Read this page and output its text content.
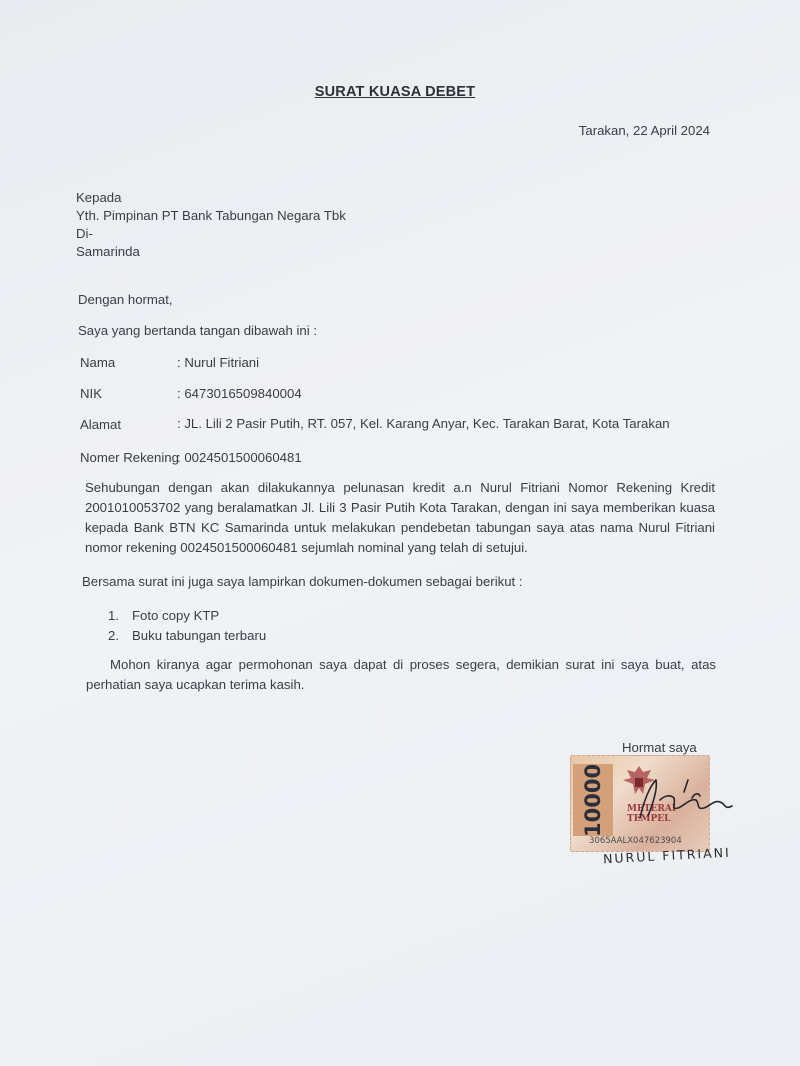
SURAT KUASA DEBET
Tarakan, 22 April 2024
Kepada
Yth. Pimpinan PT Bank Tabungan Negara Tbk
Di-
Samarinda
Dengan hormat,
Saya yang bertanda tangan dibawah ini :
Nama	: Nurul Fitriani
NIK	: 6473016509840004
Alamat	: JL. Lili 2 Pasir Putih, RT. 057, Kel. Karang Anyar, Kec. Tarakan Barat, Kota Tarakan
Nomer Rekening
: 0024501500060481
Sehubungan dengan akan dilakukannya pelunasan kredit a.n Nurul Fitriani Nomor Rekening Kredit 2001010053702 yang beralamatkan Jl. Lili 3 Pasir Putih Kota Tarakan, dengan ini saya memberikan kuasa kepada Bank BTN KC Samarinda untuk melakukan pendebetan tabungan saya atas nama Nurul Fitriani nomor rekening 0024501500060481 sejumlah nominal yang telah di setujui.
Bersama surat ini juga saya lampirkan dokumen-dokumen sebagai berikut :
1. Foto copy KTP
2. Buku tabungan terbaru
Mohon kiranya agar permohonan saya dapat di proses segera, demikian surat ini saya buat, atas perhatian saya ucapkan terima kasih.
Hormat saya
10000	METERAI
TEMPEL
3065AALX047623904
NURUL FITRIANI
